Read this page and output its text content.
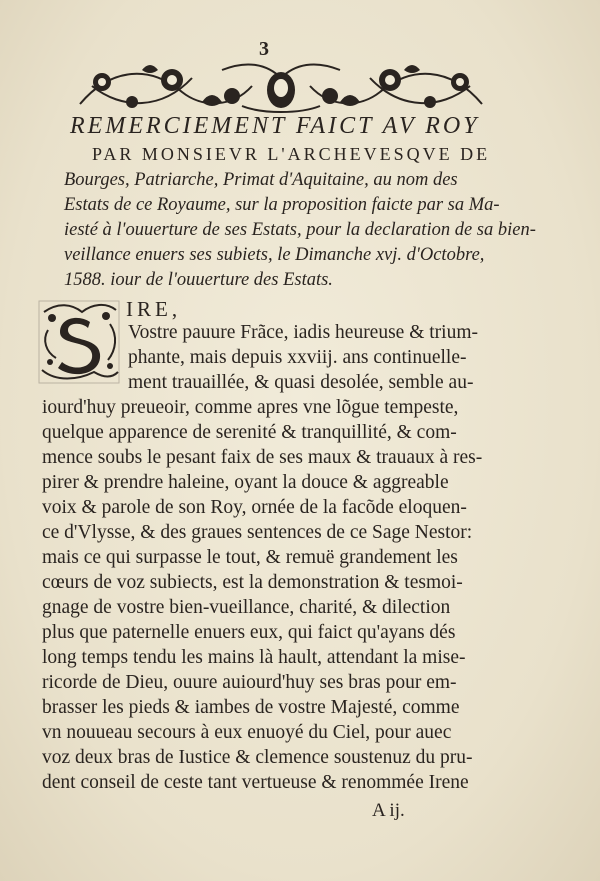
3
REMERCIEMENT FAICT AV ROY
PAR MONSIEVR L'ARCHEVESQVE DE
Bourges, Patriarche, Primat d'Aquitaine, au nom des
Estats de ce Royaume, sur la proposition faicte par sa Ma-
iesté à l'ouuerture de ses Estats, pour la declaration de sa bien-
veillance enuers ses subiets, le Dimanche xvj. d'Octobre,
1588. iour de l'ouuerture des Estats.
IRE,
Vostre pauure Frãce, iadis heureuse & trium-
phante, mais depuis xxviij. ans continuelle-
ment trauaillée, & quasi desolée, semble au-
iourd'huy preueoir, comme apres vne lõgue tempeste,
quelque apparence de serenité & tranquillité, & com-
mence soubs le pesant faix de ses maux & trauaux à res-
pirer & prendre haleine, oyant la douce & aggreable
voix & parole de son Roy, ornée de la facõde eloquen-
ce d'Vlysse, & des graues sentences de ce Sage Nestor:
mais ce qui surpasse le tout, & remuë grandement les
cœurs de voz subiects, est la demonstration & tesmoi-
gnage de vostre bien-vueillance, charité, & dilection
plus que paternelle enuers eux, qui faict qu'ayans dés
long temps tendu les mains là hault, attendant la mise-
ricorde de Dieu, ouure auiourd'huy ses bras pour em-
brasser les pieds & iambes de vostre Majesté, comme
vn nouueau secours à eux enuoyé du Ciel, pour auec
voz deux bras de Iustice & clemence soustenuz du pru-
dent conseil de ceste tant vertueuse & renommée Irene
A ij.
